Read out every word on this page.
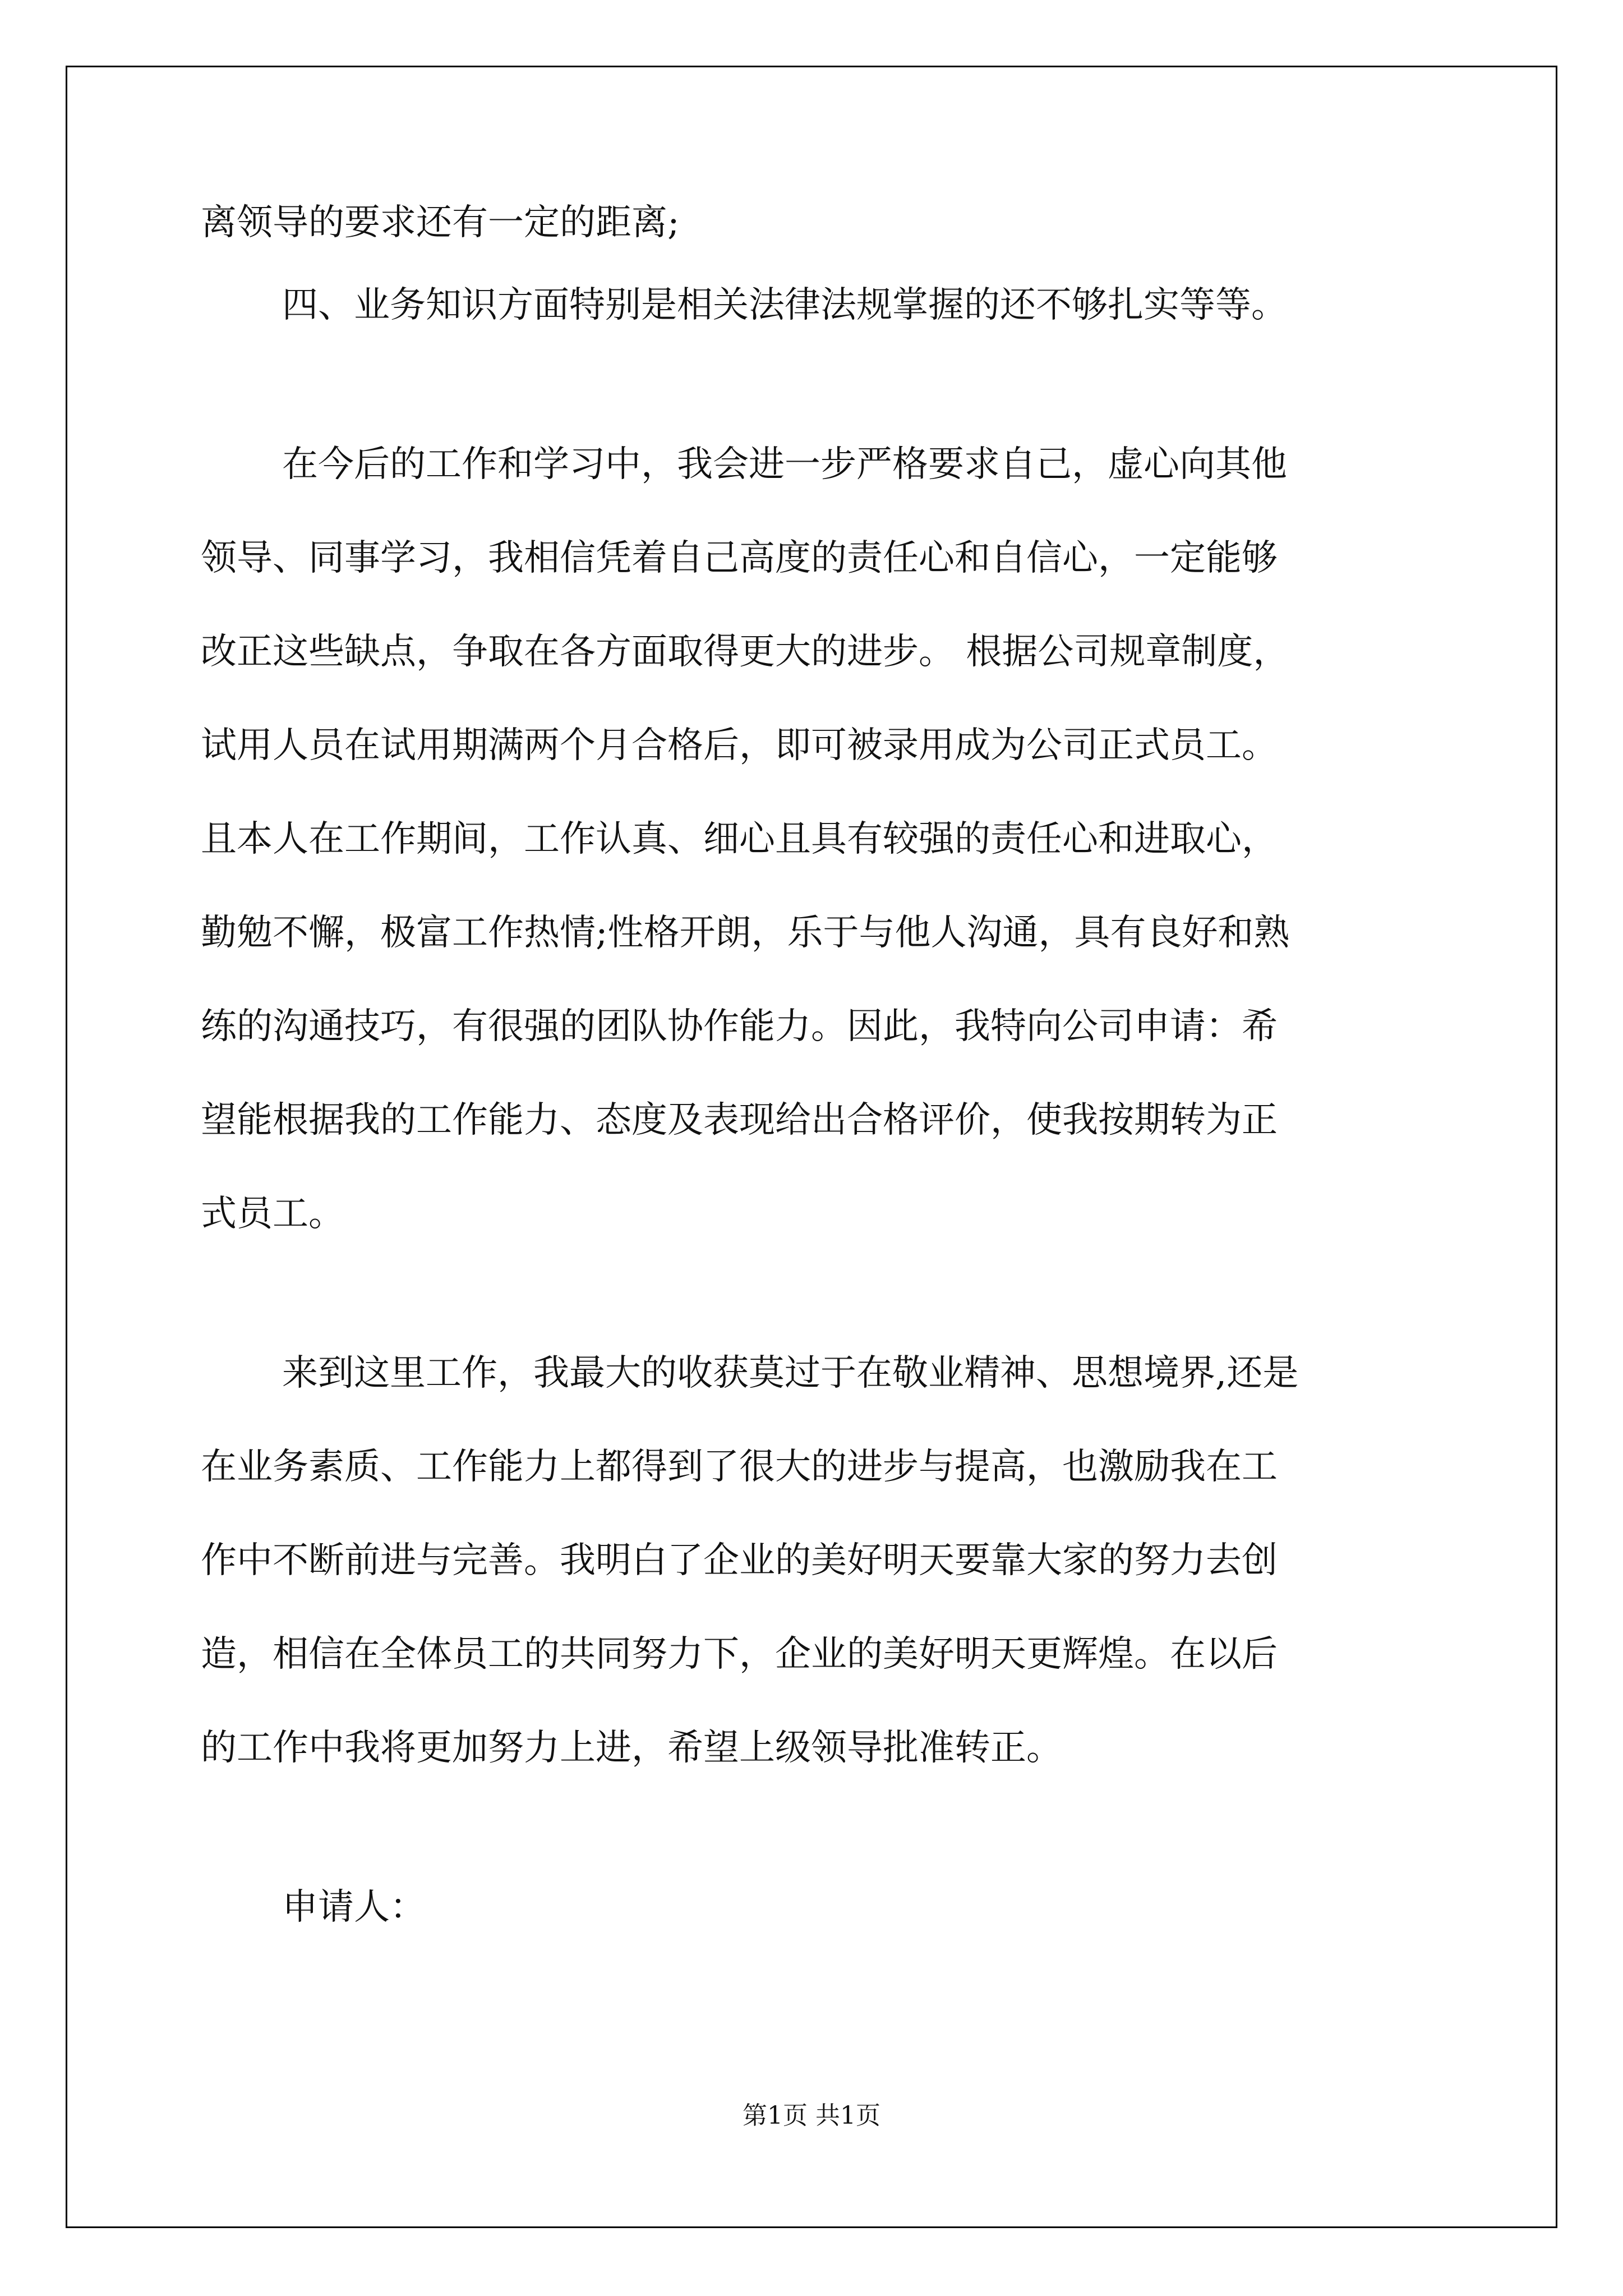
离领导的要求还有一定的距离;
四、业务知识方面特别是相关法律法规掌握的还不够扎实等等。
在今后的工作和学习中，我会进一步严格要求自己，虚心向其他
领导、同事学习，我相信凭着自己高度的责任心和自信心，一定能够
改正这些缺点，争取在各方面取得更大的进步。 根据公司规章制度，
试用人员在试用期满两个月合格后，即可被录用成为公司正式员工。
且本人在工作期间，工作认真、细心且具有较强的责任心和进取心，
勤勉不懈，极富工作热情;性格开朗，乐于与他人沟通，具有良好和熟
练的沟通技巧，有很强的团队协作能力。因此，我特向公司申请：希
望能根据我的工作能力、态度及表现给出合格评价，使我按期转为正
式员工。
来到这里工作，我最大的收获莫过于在敬业精神、思想境界,还是
在业务素质、工作能力上都得到了很大的进步与提高，也激励我在工
作中不断前进与完善。我明白了企业的美好明天要靠大家的努力去创
造，相信在全体员工的共同努力下，企业的美好明天更辉煌。在以后
的工作中我将更加努力上进，希望上级领导批准转正。
申请人：
第1页 共1页
